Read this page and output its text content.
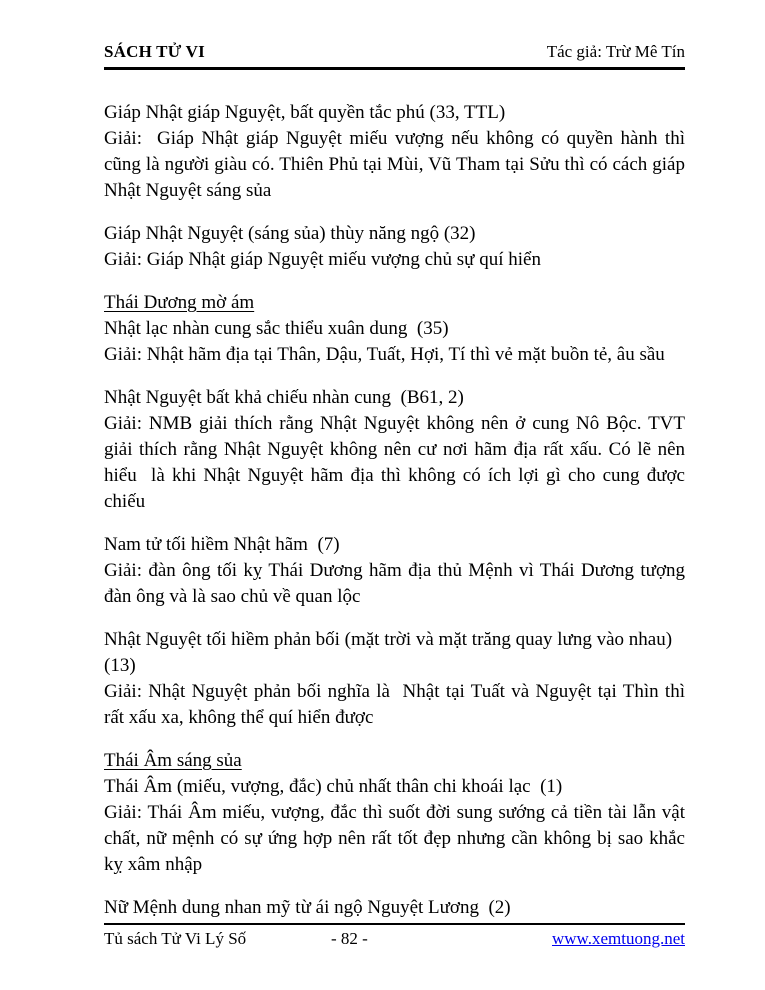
SÁCH TỬ VI	Tác giả: Trừ Mê Tín

Giáp Nhật giáp Nguyệt, bất quyền tắc phú (33, TTL)

Giải:  Giáp Nhật giáp Nguyệt miếu vượng nếu không có quyền hành thì cũng là người giàu có. Thiên Phủ tại Mùi, Vũ Tham tại Sửu thì có cách giáp Nhật Nguyệt sáng sủa

Giáp Nhật Nguyệt (sáng sủa) thùy năng ngộ (32)

Giải: Giáp Nhật giáp Nguyệt miếu vượng chủ sự quí hiển

Thái Dương mờ ám

Nhật lạc nhàn cung sắc thiểu xuân dung  (35)

Giải: Nhật hãm địa tại Thân, Dậu, Tuất, Hợi, Tí thì vẻ mặt buồn tẻ, âu sầu

Nhật Nguyệt bất khả chiếu nhàn cung  (B61, 2)

Giải: NMB giải thích rằng Nhật Nguyệt không nên ở cung Nô Bộc. TVT giải thích rằng Nhật Nguyệt không nên cư nơi hãm địa rất xấu. Có lẽ nên hiểu  là khi Nhật Nguyệt hãm địa thì không có ích lợi gì cho cung được chiếu

Nam tử tối hiềm Nhật hãm  (7)

Giải: đàn ông tối kỵ Thái Dương hãm địa thủ Mệnh vì Thái Dương tượng đàn ông và là sao chủ về quan lộc

Nhật Nguyệt tối hiềm phản bối (mặt trời và mặt trăng quay lưng vào nhau)  (13)

Giải: Nhật Nguyệt phản bối nghĩa là  Nhật tại Tuất và Nguyệt tại Thìn thì rất xấu xa, không thể quí hiển được

Thái Âm sáng sủa

Thái Âm (miếu, vượng, đắc) chủ nhất thân chi khoái lạc  (1)

Giải: Thái Âm miếu, vượng, đắc thì suốt đời sung sướng cả tiền tài lẫn vật chất, nữ mệnh có sự ứng hợp nên rất tốt đẹp nhưng cần không bị sao khắc kỵ xâm nhập

Nữ Mệnh dung nhan mỹ từ ái ngộ Nguyệt Lương  (2)

Tủ sách Tử Vi Lý Số	- 82 -	www.xemtuong.net
